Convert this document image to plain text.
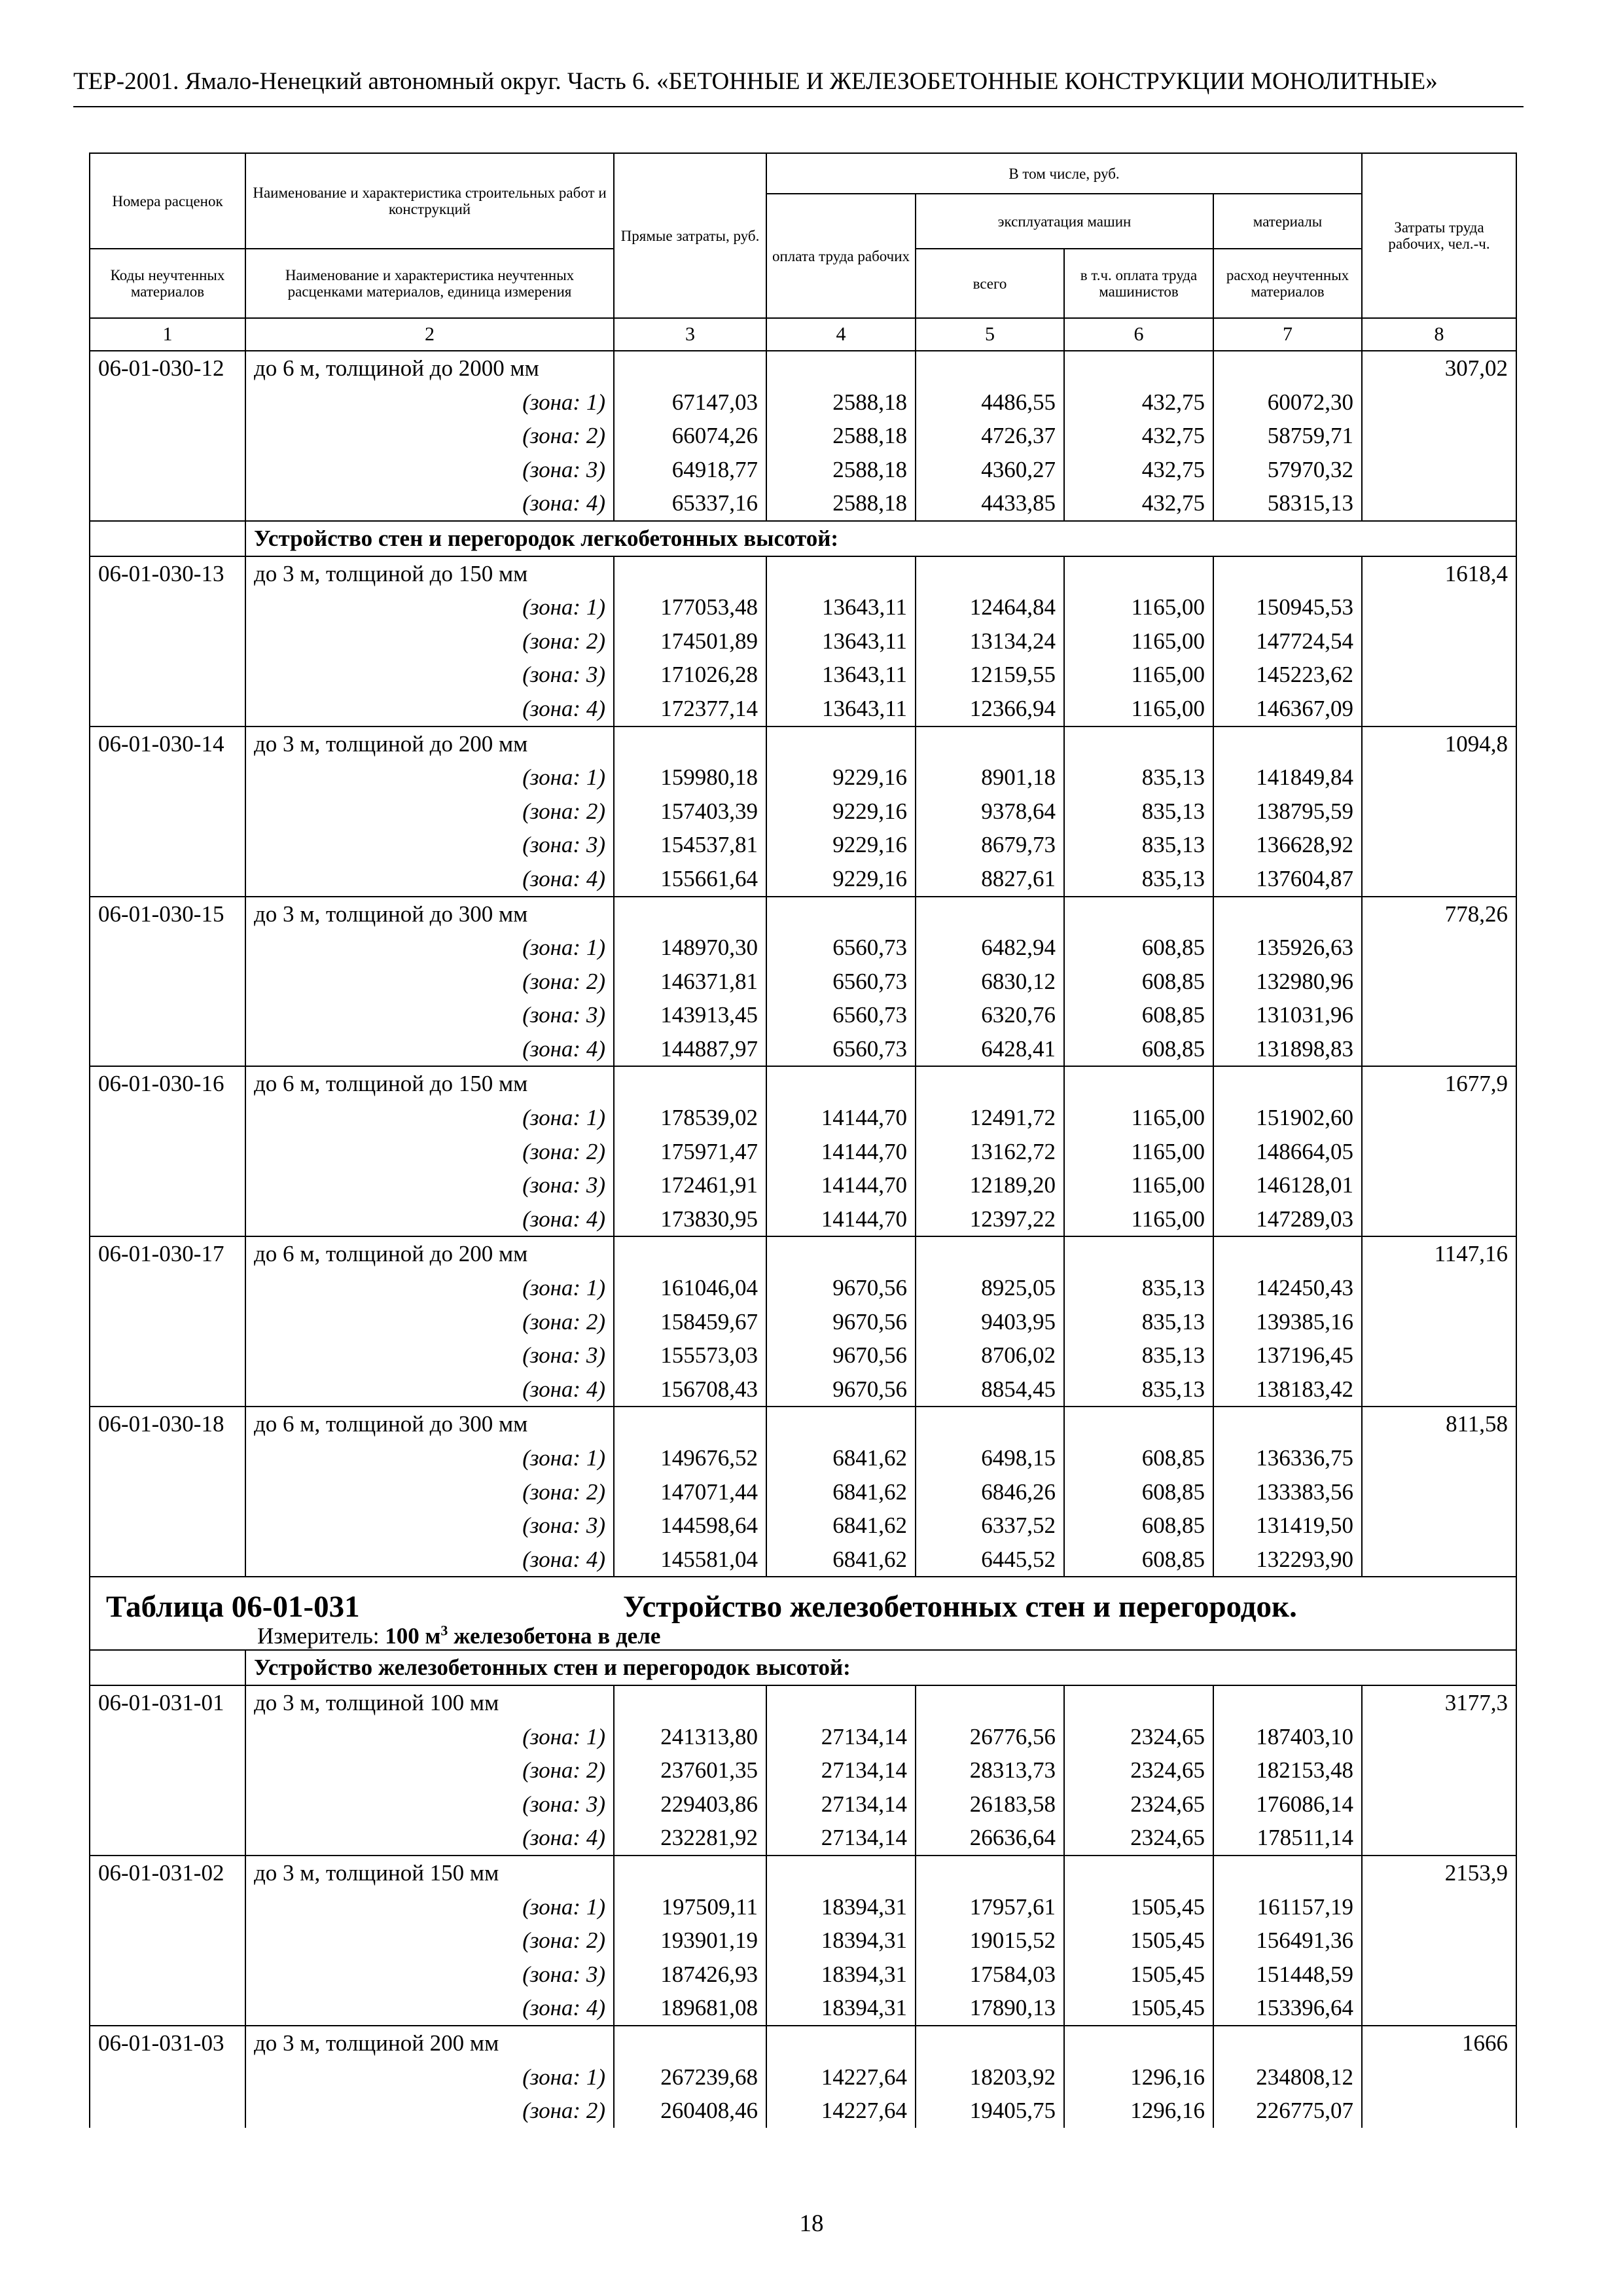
ТЕР-2001. Ямало-Ненецкий автономный округ. Часть 6. «БЕТОННЫЕ И ЖЕЛЕЗОБЕТОННЫЕ КОНСТРУКЦИИ МОНОЛИТНЫЕ»
Номера расценок	Наименование и характеристика строительных работ и конструкций	Прямые затраты, руб.	В том числе, руб.				Затраты труда рабочих, чел.-ч.
			оплата труда рабочих	эксплуатация машин		материалы	
Коды неучтенных материалов	Наименование и характеристика неучтенных расценками материалов, единица измерения			всего	в т.ч. оплата труда машинистов	расход неучтенных материалов	
1	2	3	4	5	6	7	8
06-01-030-12	до 6 м, толщиной до 2000 мм						307,02
	(зона: 1)	67147,03	2588,18	4486,55	432,75	60072,30	
	(зона: 2)	66074,26	2588,18	4726,37	432,75	58759,71	
	(зона: 3)	64918,77	2588,18	4360,27	432,75	57970,32	
	(зона: 4)	65337,16	2588,18	4433,85	432,75	58315,13	
	Устройство стен и перегородок легкобетонных высотой:						
06-01-030-13	до 3 м, толщиной до 150 мм						1618,4
	(зона: 1)	177053,48	13643,11	12464,84	1165,00	150945,53	
	(зона: 2)	174501,89	13643,11	13134,24	1165,00	147724,54	
	(зона: 3)	171026,28	13643,11	12159,55	1165,00	145223,62	
	(зона: 4)	172377,14	13643,11	12366,94	1165,00	146367,09	
06-01-030-14	до 3 м, толщиной до 200 мм						1094,8
	(зона: 1)	159980,18	9229,16	8901,18	835,13	141849,84	
	(зона: 2)	157403,39	9229,16	9378,64	835,13	138795,59	
	(зона: 3)	154537,81	9229,16	8679,73	835,13	136628,92	
	(зона: 4)	155661,64	9229,16	8827,61	835,13	137604,87	
06-01-030-15	до 3 м, толщиной до 300 мм						778,26
	(зона: 1)	148970,30	6560,73	6482,94	608,85	135926,63	
	(зона: 2)	146371,81	6560,73	6830,12	608,85	132980,96	
	(зона: 3)	143913,45	6560,73	6320,76	608,85	131031,96	
	(зона: 4)	144887,97	6560,73	6428,41	608,85	131898,83	
06-01-030-16	до 6 м, толщиной до 150 мм						1677,9
	(зона: 1)	178539,02	14144,70	12491,72	1165,00	151902,60	
	(зона: 2)	175971,47	14144,70	13162,72	1165,00	148664,05	
	(зона: 3)	172461,91	14144,70	12189,20	1165,00	146128,01	
	(зона: 4)	173830,95	14144,70	12397,22	1165,00	147289,03	
06-01-030-17	до 6 м, толщиной до 200 мм						1147,16
	(зона: 1)	161046,04	9670,56	8925,05	835,13	142450,43	
	(зона: 2)	158459,67	9670,56	9403,95	835,13	139385,16	
	(зона: 3)	155573,03	9670,56	8706,02	835,13	137196,45	
	(зона: 4)	156708,43	9670,56	8854,45	835,13	138183,42	
06-01-030-18	до 6 м, толщиной до 300 мм						811,58
	(зона: 1)	149676,52	6841,62	6498,15	608,85	136336,75	
	(зона: 2)	147071,44	6841,62	6846,26	608,85	133383,56	
	(зона: 3)	144598,64	6841,62	6337,52	608,85	131419,50	
	(зона: 4)	145581,04	6841,62	6445,52	608,85	132293,90	

Таблица 06-01-031 Устройство железобетонных стен и перегородок.
Измеритель: 100 $м^3$ железобетона в деле							

	Устройство железобетонных стен и перегородок высотой:						
06-01-031-01	до 3 м, толщиной 100 мм						3177,3
	(зона: 1)	241313,80	27134,14	26776,56	2324,65	187403,10	
	(зона: 2)	237601,35	27134,14	28313,73	2324,65	182153,48	
	(зона: 3)	229403,86	27134,14	26183,58	2324,65	176086,14	
	(зона: 4)	232281,92	27134,14	26636,64	2324,65	178511,14	
06-01-031-02	до 3 м, толщиной 150 мм						2153,9
	(зона: 1)	197509,11	18394,31	17957,61	1505,45	161157,19	
	(зона: 2)	193901,19	18394,31	19015,52	1505,45	156491,36	
	(зона: 3)	187426,93	18394,31	17584,03	1505,45	151448,59	
	(зона: 4)	189681,08	18394,31	17890,13	1505,45	153396,64	
06-01-031-03	до 3 м, толщиной 200 мм						1666
	(зона: 1)	267239,68	14227,64	18203,92	1296,16	234808,12	
	(зона: 2)	260408,46	14227,64	19405,75	1296,16	226775,07	
18
